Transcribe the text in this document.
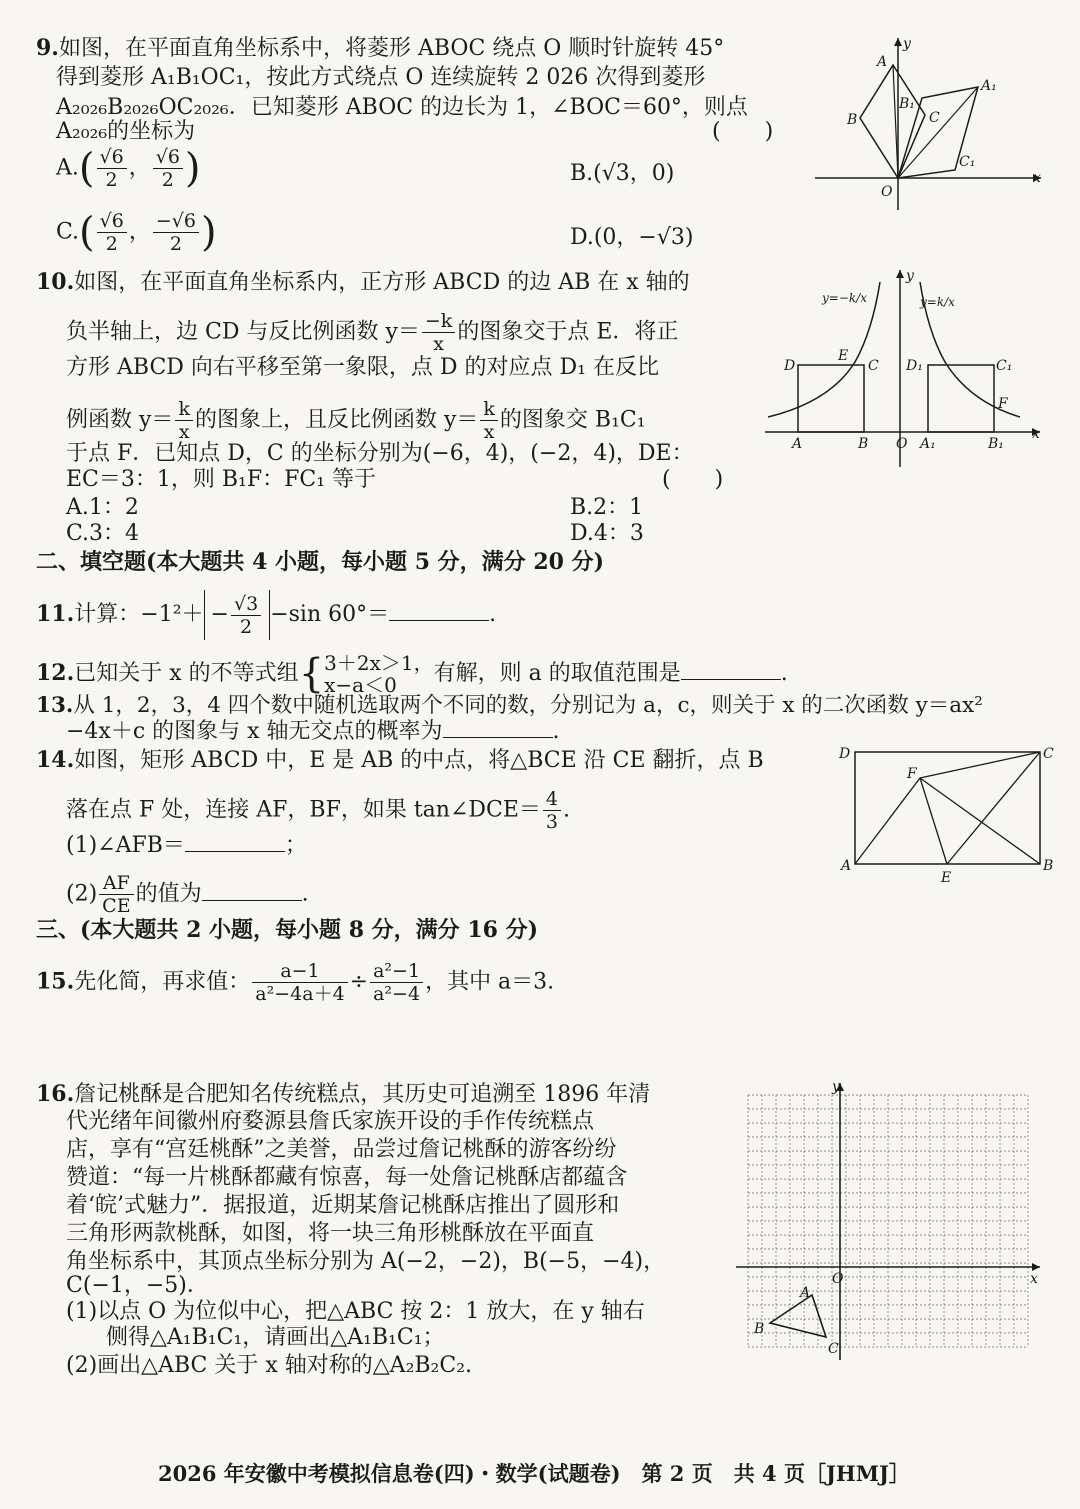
9.如图，在平面直角坐标系中，将菱形 ABOC 绕点 O 顺时针旋转 45°
得到菱形 A₁B₁OC₁，按此方式绕点 O 连续旋转 2 026 次得到菱形
A₂₀₂₆B₂₀₂₆OC₂₀₂₆．已知菱形 ABOC 的边长为 1，∠BOC＝60°，则点
A₂₀₂₆的坐标为	(　　)
$A.( \frac{√6}{2}$ ， $\frac{√6}{2}$ )	B.(√3，0)
$C.( \frac{√6}{2}$ ， $\frac{-√6}{2}$ )	D.(0，−√3)
y
x
O
A
B	C
A₁
B₁
C₁
10.如图，在平面直角坐标系内，正方形 ABCD 的边 AB 在 x 轴的
负半轴上，边 CD 与反比例函数 $y= \frac{-k}{x}$ 的图象交于点 E．将正
方形 ABCD 向右平移至第一象限，点 D 的对应点 D₁ 在反比
例函数 $y= \frac{k}{x}$ 的图象上，且反比例函数 $y= \frac{k}{x}$ 的图象交 B₁C₁
于点 F．已知点 D，C 的坐标分别为(−6，4)，(−2，4)，DE：
EC＝3：1，则 B₁F：FC₁ 等于	(　　)
A.1：2	B.2：1
C.3：4	D.4：3
y=−k/x	y=k/x
y
x
O
A	B
C
D
E
A₁	B₁
C₁
D₁
F
二、填空题(本大题共 4 小题，每小题 5 分，满分 20 分)
11.计算：$-1^2+ - \frac{√3}{2} -\sin$ 60°＝	.
12.已知关于 x 的不等式组{ 3＋2x＞1，
x−a＜0	有解，则 a 的取值范围是	.
13.从 1，2，3，4 四个数中随机选取两个不同的数，分别记为 a，c，则关于 x 的二次函数 y＝ax²
−4x＋c 的图象与 x 轴无交点的概率为	.
14.如图，矩形 ABCD 中，E 是 AB 的中点，将△BCE 沿 CE 翻折，点 B
落在点 F 处，连接 AF，BF，如果 tan∠DCE＝ $\frac{4}{3}$ .
(1)∠AFB＝	；
$(2) \frac{AF}{CE}$ 的值为	.
A	B
C
D
E
F
三、(本大题共 2 小题，每小题 8 分，满分 16 分)
15.先化简，再求值： $\frac{a-1}{\text{a²−4a＋4}} \div \frac{\text{a²−1}}{\text{a²−4}}$ ，其中 a＝3.
16.詹记桃酥是合肥知名传统糕点，其历史可追溯至 1896 年清
代光绪年间徽州府婺源县詹氏家族开设的手作传统糕点
店，享有“宫廷桃酥”之美誉，品尝过詹记桃酥的游客纷纷
赞道：“每一片桃酥都藏有惊喜，每一处詹记桃酥店都蕴含
着‘皖’式魅力”．据报道，近期某詹记桃酥店推出了圆形和
三角形两款桃酥，如图，将一块三角形桃酥放在平面直
角坐标系中，其顶点坐标分别为 A(−2，−2)，B(−5，−4)，
C(−1，−5)．
(1)以点 O 为位似中心，把△ABC 按 2：1 放大，在 y 轴右
侧得△A₁B₁C₁，请画出△A₁B₁C₁；
(2)画出△ABC 关于 x 轴对称的△A₂B₂C₂.
y
x
O
A
B
C
2026 年安徽中考模拟信息卷(四)・数学(试题卷)　第 2 页　共 4 页［JHMJ］
